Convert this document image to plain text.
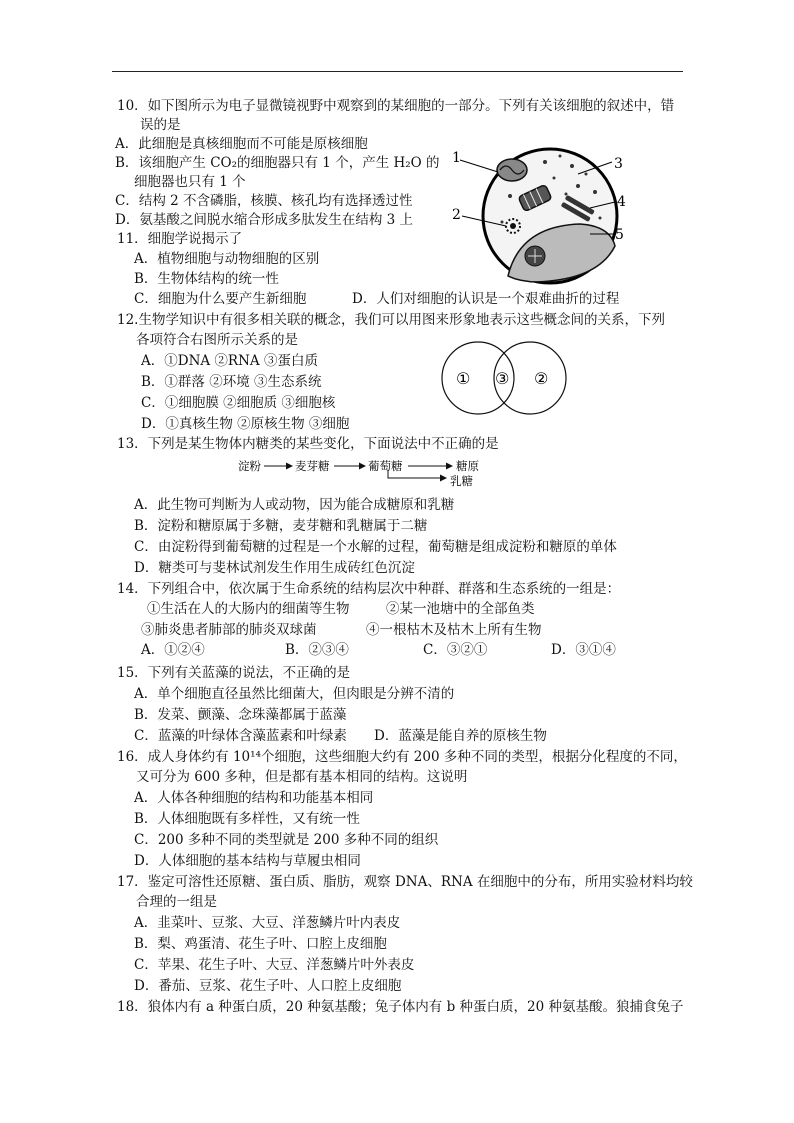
10．如下图所示为电子显微镜视野中观察到的某细胞的一部分。下列有关该细胞的叙述中，错
误的是
A．此细胞是真核细胞而不可能是原核细胞
B．该细胞产生 CO₂的细胞器只有 1 个，产生 H₂O 的
细胞器也只有 1 个
C．结构 2 不含磷脂，核膜、核孔均有选择透过性
D．氨基酸之间脱水缩合形成多肽发生在结构 3 上
1
2
3
4
5
11．细胞学说揭示了
A．植物细胞与动物细胞的区别
B．生物体结构的统一性
C．细胞为什么要产生新细胞	D．人们对细胞的认识是一个艰难曲折的过程
12.生物学知识中有很多相关联的概念，我们可以用图来形象地表示这些概念间的关系，下列
各项符合右图所示关系的是
A．①DNA ②RNA ③蛋白质
B．①群落 ②环境 ③生态系统
C．①细胞膜 ②细胞质 ③细胞核
D．①真核生物 ②原核生物 ③细胞
① ③ ②
13．下列是某生物体内糖类的某些变化，下面说法中不正确的是
淀粉	麦芽糖	葡萄糖	糖原
乳糖
A．此生物可判断为人或动物，因为能合成糖原和乳糖
B．淀粉和糖原属于多糖，麦芽糖和乳糖属于二糖
C．由淀粉得到葡萄糖的过程是一个水解的过程，葡萄糖是组成淀粉和糖原的单体
D．糖类可与斐林试剂发生作用生成砖红色沉淀
14．下列组合中，依次属于生命系统的结构层次中种群、群落和生态系统的一组是：
①生活在人的大肠内的细菌等生物	②某一池塘中的全部鱼类
③肺炎患者肺部的肺炎双球菌	④一根枯木及枯木上所有生物
A．①②④	B．②③④	C．③②①	D．③①④
15．下列有关蓝藻的说法，不正确的是
A．单个细胞直径虽然比细菌大，但肉眼是分辨不清的
B．发菜、颤藻、念珠藻都属于蓝藻
C．蓝藻的叶绿体含藻蓝素和叶绿素 D．蓝藻是能自养的原核生物
16．成人身体约有 10¹⁴个细胞，这些细胞大约有 200 多种不同的类型，根据分化程度的不同，
又可分为 600 多种，但是都有基本相同的结构。这说明
A．人体各种细胞的结构和功能基本相同
B．人体细胞既有多样性，又有统一性
C．200 多种不同的类型就是 200 多种不同的组织
D．人体细胞的基本结构与草履虫相同
17．鉴定可溶性还原糖、蛋白质、脂肪，观察 DNA、RNA 在细胞中的分布，所用实验材料均较
合理的一组是
A．韭菜叶、豆浆、大豆、洋葱鳞片叶内表皮
B．梨、鸡蛋清、花生子叶、口腔上皮细胞
C．苹果、花生子叶、大豆、洋葱鳞片叶外表皮
D．番茄、豆浆、花生子叶、人口腔上皮细胞
18．狼体内有 a 种蛋白质，20 种氨基酸；兔子体内有 b 种蛋白质，20 种氨基酸。狼捕食兔子
